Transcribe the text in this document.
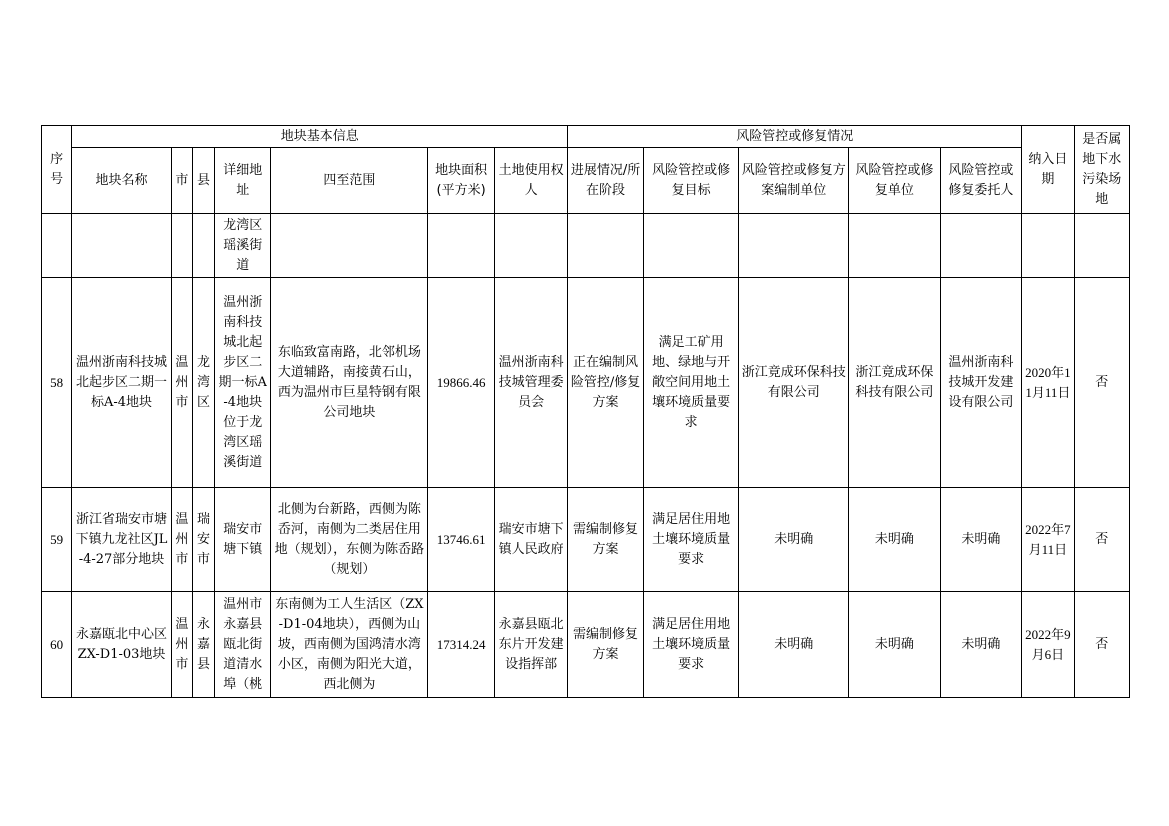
序号	地块基本信息							风险管控或修复情况					纳入日期	是否属地下水污染场地
	地块名称	市	县	详细地址	四至范围	地块面积(平方米)	土地使用权人	进展情况/所在阶段	风险管控或修复目标	风险管控或修复方案编制单位	风险管控或修复单位	风险管控或修复委托人		
				龙湾区瑶溪街道										
58	温州浙南科技城北起步区二期一标A-4地块	温州市	龙湾区	温州浙南科技城北起步区二期一标A-4地块位于龙湾区瑶溪街道	东临致富南路，北邻机场大道辅路，南接黄石山，西为温州市巨星特钢有限公司地块	19866.46	温州浙南科技城管理委员会	正在编制风险管控/修复方案	满足工矿用地、绿地与开敞空间用地土壤环境质量要求	浙江竟成环保科技有限公司	浙江竟成环保科技有限公司	温州浙南科技城开发建设有限公司	2020年11月11日	否
59	浙江省瑞安市塘下镇九龙社区JL-4-27部分地块	温州市	瑞安市	瑞安市塘下镇	北侧为台新路，西侧为陈岙河，南侧为二类居住用地（规划），东侧为陈岙路（规划）	13746.61	瑞安市塘下镇人民政府	需编制修复方案	满足居住用地土壤环境质量要求	未明确	未明确	未明确	2022年7月11日	否
60	永嘉瓯北中心区ZX-D1-03地块	温州市	永嘉县	温州市永嘉县瓯北街道清水埠（桃	东南侧为工人生活区（ZX-D1-04地块），西侧为山坡，西南侧为国鸿清水湾小区，南侧为阳光大道，西北侧为	17314.24	永嘉县瓯北东片开发建设指挥部	需编制修复方案	满足居住用地土壤环境质量要求	未明确	未明确	未明确	2022年9月6日	否
